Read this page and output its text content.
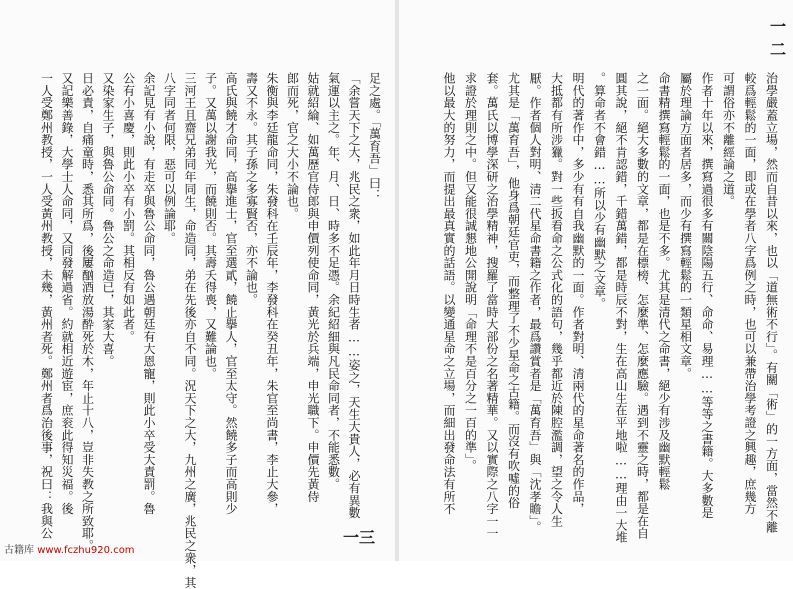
足之處。「萬育吾」曰：
「余嘗天下之大，兆民之衆，如此年月日時生者……姿之，天生大貴人，必有異數
氣運以主之。年、月、日、時多不足憑。余紀紹細與凡民命同者，不能悉數。
姑就紹綸、如萬歷官侍郎與申價列使命同，黃光於兵端，申光職下。申價先黃侍
郎而死，官之大小不論也。
朱衡與李廷龍命同，朱發科在壬辰年，李發科在癸丑年，朱官至尚書，李止大參，
壽又不永。其子孫之多寡賢否，亦不論也。
高氏與饒才命同，高擧進士，官至選貳，饒止擧人，官至太守。然饒多子而高則少
子。又萬以謝我光，而饒則否。其壽夭得喪，又難論也。
三河王且齋兄弟同年同生，命造同，弟在先後亦自不同。況天下之大，九州之廣，兆民之衆，其
八字同者何限，惡可以例論耶。
余記見有小說，有走卒與魯公命同，魯公遇朝廷有大恩寵，則此小卒受大責罰。魯
公有小喜慶，則此小卒有小罰。其相反有如此者。
又染家生子，與魯公命同。魯公之命造已，其家大喜。
日必責，自痛童時，悉其所爲，後屢酗酒放湯酔死於木，年止十八，豈非失教之所致耶。
又記樂善錄，大學士人命同，又同發解過省。約就相近遊宦，庶衮此得知災福。後
一人受鄭州教授，一人受黃州教授，未幾，黃州者死。鄭州者爲治後事，祝曰：我與公	治學嚴蓋立場，然而自昔以來，也以「道無術不行」。有關「術」的一方面，當然不離
較爲輕鬆的一面，即或在學者八字爲例之時，也可以兼帶治學考證之興趣，庶幾方
可謂俗亦不離經論之道。
作者十年以來，撰寫過很多有關陰陽五行、命命、易理……等等之書籍。大多數是
屬於理論方面者居多，而少有撰寫輕鬆的一類星相文章。
命書精撰寫輕鬆的一面，也是不多。尤其是清代之命書，絕少有涉及幽默輕鬆
之一面。絕大多數的文章，都是在標榜、怎麼準、怎麼應驗。遇到不靈之時，都是在自
圓其說，絕不肯認錯，千錯萬錯，都是時辰不對，生在高山生在平地啦……理由一大堆
。算命者不會錯……所以少有幽默之文章。
明代的著作中，多少有有自我幽默的一面。作者對明、清兩代的星命著名的作品，
大抵都有所涉獵。對一些扳看命之公式化的語句，幾乎都近於陳腔濫調，望之令人生
厭。作者個人對明、清二代星命書籍之作者，最爲讚賞者是「萬育吾」與「沈孝瞻」。
尤其是「萬育吾」，他身爲朝廷官吏，而整理了不少星命之古籍。而沒有吹噓的俗
套。萬氏以博學深研之治學精神，搜羅了當時大部份之名著精華。又以實際之八字一一
求證於理則之中。但又能很誠懇地公開說明「命理不是百分之一百的準」。
他以最大的努力，而提出最真實的話語。以變通星命之立場，而細出發命法有所不
一三
一二
古籍库 www.fczhu920.com
